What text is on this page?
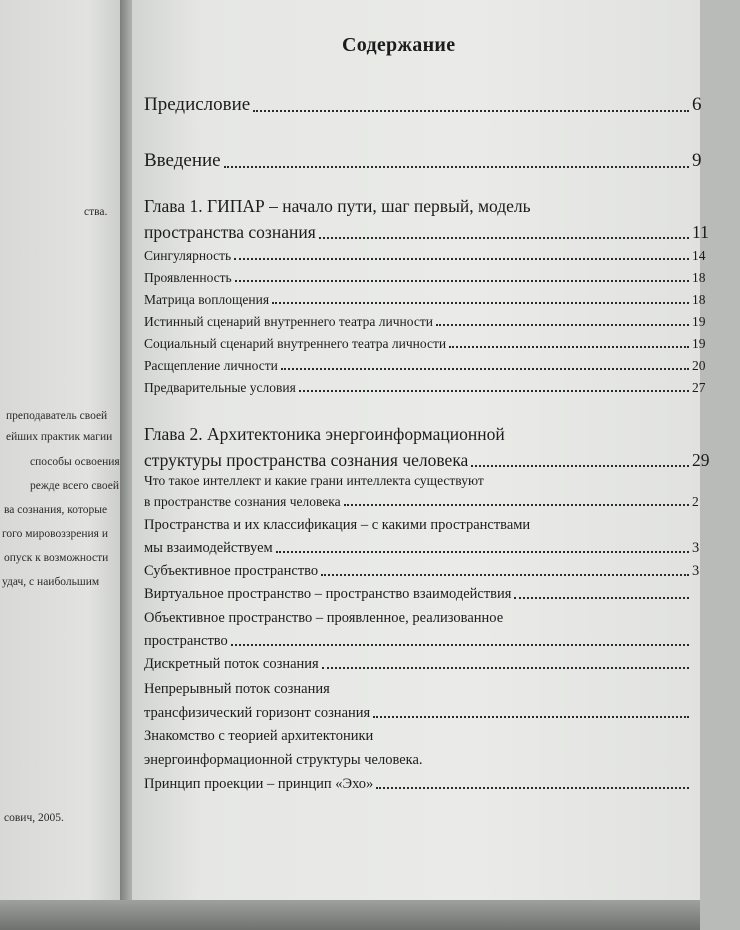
ства.
преподаватель своей
ейших практик магии
способы освоения
режде всего своей
ва сознания, которые
гого мировоззрения и
опуск к возможности
удач, с наибольшим
сович, 2005.
Содержание
Предисловие	6
Введение	9
Глава 1. ГИПАР – начало пути, шаг первый, модель
пространства сознания	11
Сингулярность	14
Проявленность	18
Матрица воплощения	18
Истинный сценарий внутреннего театра личности	19
Социальный сценарий внутреннего театра личности	19
Расщепление личности	20
Предварительные условия	27
Глава 2. Архитектоника энергоинформационной
структуры пространства сознания человека	29
Что такое интеллект и какие грани интеллекта существуют
в пространстве сознания человека	2
Пространства и их классификация – с какими пространствами
мы взаимодействуем	3
Субъективное пространство	3
Виртуальное пространство – пространство взаимодействия
Объективное пространство – проявленное, реализованное
пространство
Дискретный поток сознания
Непрерывный поток сознания
трансфизический горизонт сознания
Знакомство с теорией архитектоники
энергоинформационной структуры человека.
Принцип проекции – принцип «Эхо»
